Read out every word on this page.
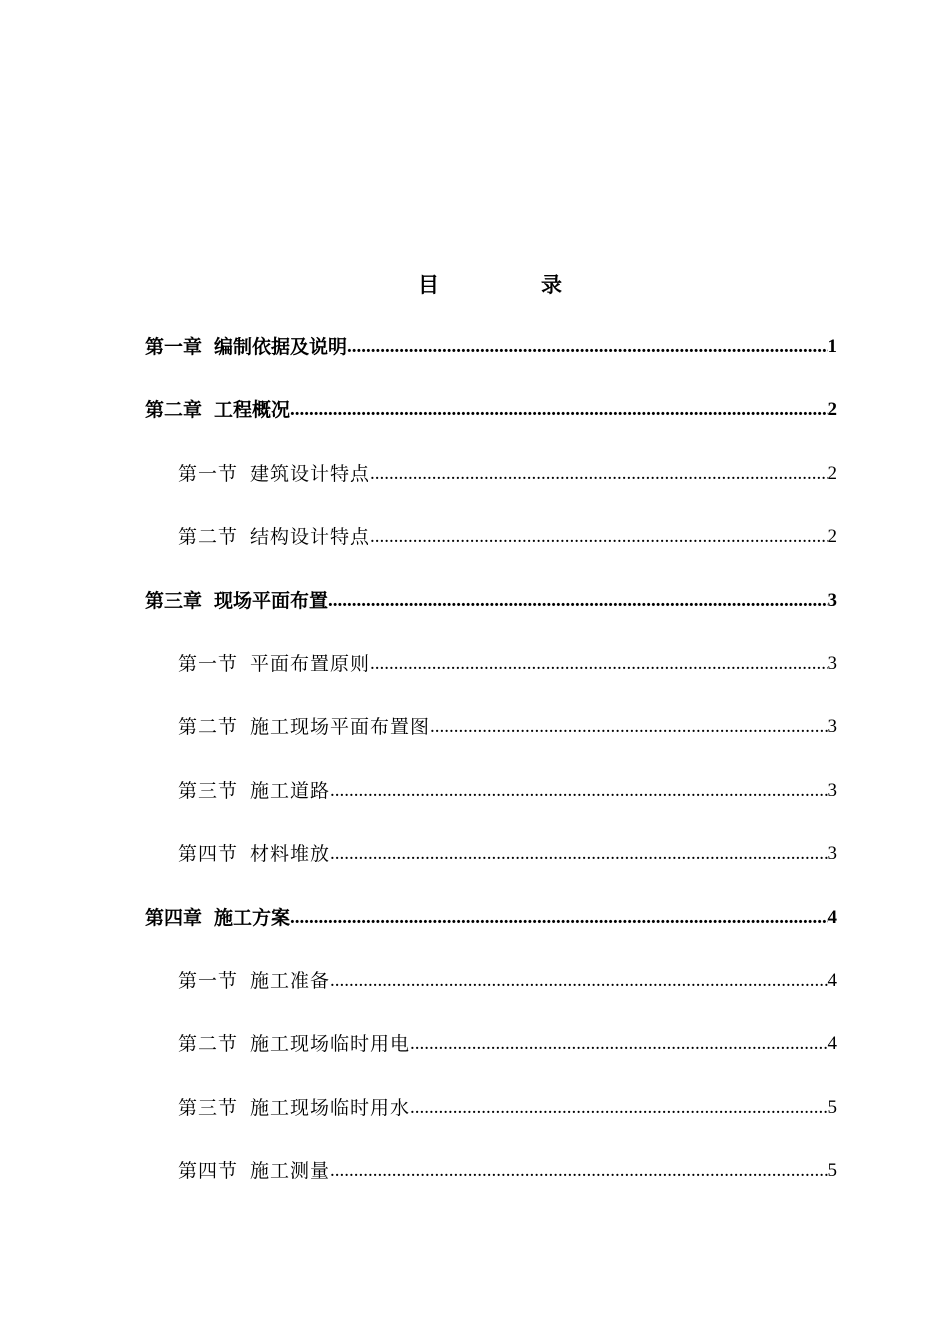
目	录
第一章 编制依据及说明 .....	1
第二章 工程概况 .....	2
第一节 建筑设计特点 .....	2
第二节 结构设计特点 .....	2
第三章 现场平面布置 .....	3
第一节 平面布置原则 .....	3
第二节 施工现场平面布置图 .....	3
第三节 施工道路 .....	3
第四节 材料堆放 .....	3
第四章 施工方案 .....	4
第一节 施工准备 .....	4
第二节 施工现场临时用电 .....	4
第三节 施工现场临时用水 .....	5
第四节 施工测量 .....	5
